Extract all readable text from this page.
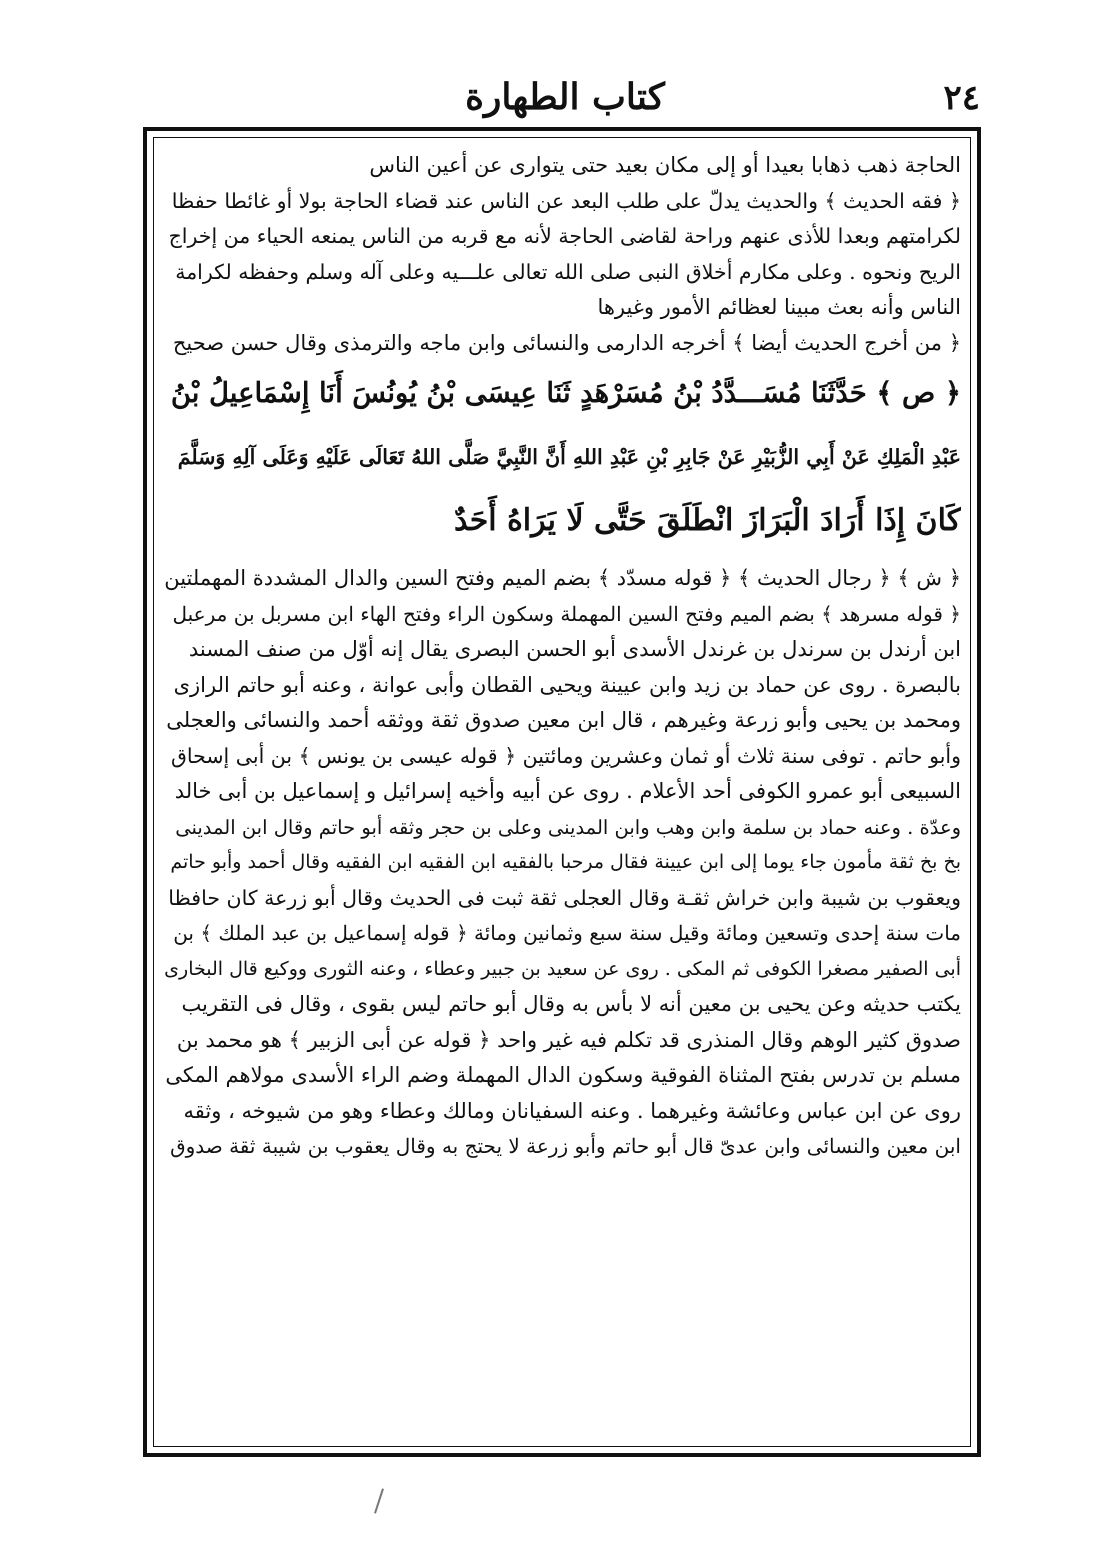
٢٤
كتاب الطهارة
الحاجة ذهب ذهابا بعيدا أو إلى مكان بعيد حتى يتوارى عن أعين الناس
﴿ فقه الحديث ﴾ والحديث يدلّ على طلب البعد عن الناس عند قضاء الحاجة بولا أو غائطا حفظا
لكرامتهم وبعدا للأذى عنهم وراحة لقاضى الحاجة لأنه مع قربه من الناس يمنعه الحياء من إخراج
الريح ونحوه . وعلى مكارم أخلاق النبى صلى الله تعالى علـــيه وعلى آله وسلم وحفظه لكرامة
الناس وأنه بعث مبينا لعظائم الأمور وغيرها
﴿ من أخرج الحديث أيضا ﴾ أخرجه الدارمى والنسائى وابن ماجه والترمذى وقال حسن صحيح
﴿ ص ﴾ حَدَّثَنَا مُسَـــدَّدُ بْنُ مُسَرْهَدٍ ثَنَا عِيسَى بْنُ يُونُسَ أَنَا إِسْمَاعِيلُ بْنُ
عَبْدِ الْمَلِكِ عَنْ أَبِي الزُّبَيْرِ عَنْ جَابِرِ بْنِ عَبْدِ اللهِ أَنَّ النَّبِيَّ صَلَّى اللهُ تَعَالَى عَلَيْهِ وَعَلَى آلِهِ وَسَلَّمَ
كَانَ إِذَا أَرَادَ الْبَرَازَ انْطَلَقَ حَتَّى لَا يَرَاهُ أَحَدٌ
﴿ ش ﴾ ﴿ رجال الحديث ﴾ ﴿ قوله مسدّد ﴾ بضم الميم وفتح السين والدال المشددة المهملتين
﴿ قوله مسرهد ﴾ بضم الميم وفتح السين المهملة وسكون الراء وفتح الهاء ابن مسربل بن مرعبل
ابن أرندل بن سرندل بن غرندل الأسدى أبو الحسن البصرى يقال إنه أوّل من صنف المسند
بالبصرة . روى عن حماد بن زيد وابن عيينة ويحيى القطان وأبى عوانة ، وعنه أبو حاتم الرازى
ومحمد بن يحيى وأبو زرعة وغيرهم ، قال ابن معين صدوق ثقة ووثقه أحمد والنسائى والعجلى
وأبو حاتم . توفى سنة ثلاث أو ثمان وعشرين ومائتين ﴿ قوله عيسى بن يونس ﴾ بن أبى إسحاق
السبيعى أبو عمرو الكوفى أحد الأعلام . روى عن أبيه وأخيه إسرائيل و إسماعيل بن أبى خالد
وعدّة . وعنه حماد بن سلمة وابن وهب وابن المدينى وعلى بن حجر وثقه أبو حاتم وقال ابن المدينى
بخ بخ ثقة مأمون جاء يوما إلى ابن عيينة فقال مرحبا بالفقيه ابن الفقيه ابن الفقيه وقال أحمد وأبو حاتم
ويعقوب بن شيبة وابن خراش ثقـة وقال العجلى ثقة ثبت فى الحديث وقال أبو زرعة كان حافظا
مات سنة إحدى وتسعين ومائة وقيل سنة سبع وثمانين ومائة ﴿ قوله إسماعيل بن عبد الملك ﴾ بن
أبى الصفير مصغرا الكوفى ثم المكى . روى عن سعيد بن جبير وعطاء ، وعنه الثورى ووكيع قال البخارى
يكتب حديثه وعن يحيى بن معين أنه لا بأس به وقال أبو حاتم ليس بقوى ، وقال فى التقريب
صدوق كثير الوهم وقال المنذرى قد تكلم فيه غير واحد ﴿ قوله عن أبى الزبير ﴾ هو محمد بن
مسلم بن تدرس بفتح المثناة الفوقية وسكون الدال المهملة وضم الراء الأسدى مولاهم المكى
روى عن ابن عباس وعائشة وغيرهما . وعنه السفيانان ومالك وعطاء وهو من شيوخه ، وثقه
ابن معين والنسائى وابن عدىّ قال أبو حاتم وأبو زرعة لا يحتج به وقال يعقوب بن شيبة ثقة صدوق
